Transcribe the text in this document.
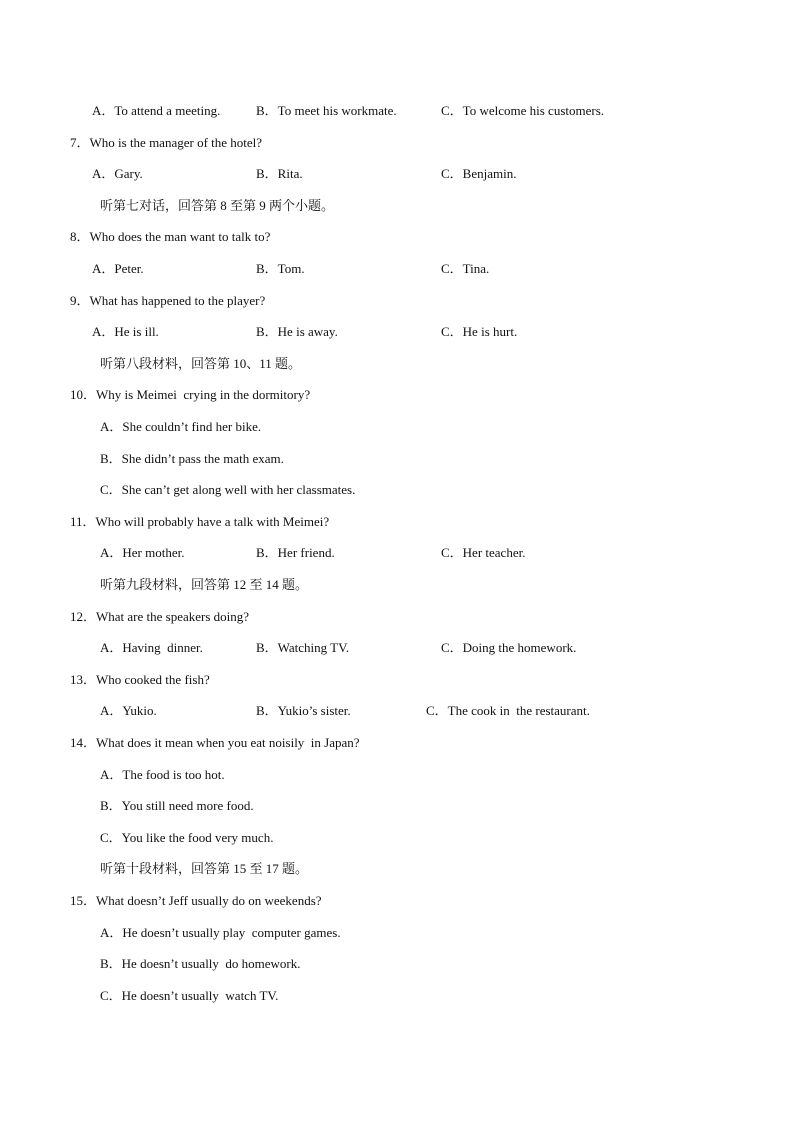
A．To attend a meeting.	B．To meet his workmate.	C．To welcome his customers.
7．Who is the manager of the hotel?
A．Gary.	B．Rita.	C．Benjamin.
听第七对话，回答第 8 至第 9 两个小题。
8．Who does the man want to talk to?
A．Peter.	B．Tom.	C．Tina.
9．What has happened to the player?
A．He is ill.	B．He is away.	C．He is hurt.
听第八段材料，回答第 10、11 题。
10．Why is Meimei  crying in the dormitory?
A．She couldn’t find her bike.
B．She didn’t pass the math exam.
C．She can’t get along well with her classmates.
11．Who will probably have a talk with Meimei?
A．Her mother.	B．Her friend.	C．Her teacher.
听第九段材料，回答第 12 至 14 题。
12．What are the speakers doing?
A．Having  dinner.	B．Watching TV.	C．Doing the homework.
13．Who cooked the fish?
A．Yukio.	B．Yukio’s sister.	C．The cook in  the restaurant.
14．What does it mean when you eat noisily  in Japan?
A．The food is too hot.
B．You still need more food.
C．You like the food very much.
听第十段材料，回答第 15 至 17 题。
15．What doesn’t Jeff usually do on weekends?
A．He doesn’t usually play  computer games.
B．He doesn’t usually  do homework.
C．He doesn’t usually  watch TV.
